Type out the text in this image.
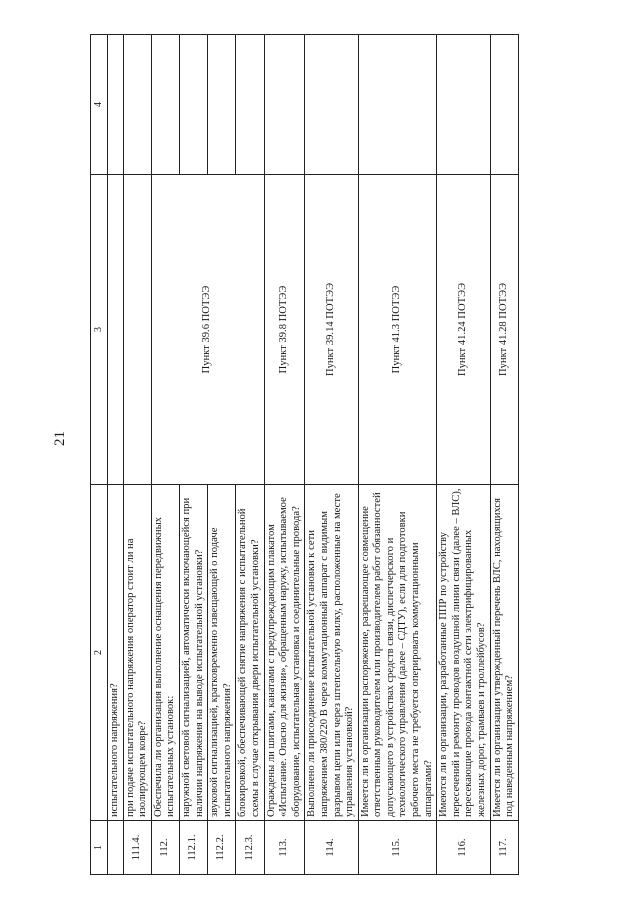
21
1	2	3	4
	испытательного напряжения?		
111.4.	при подаче испытательного напряжения оператор стоит ли на изолирующем ковре?		
112.	Обеспечила ли организация выполнение оснащения передвижных испытательных установок:	Пункт 39.6 ПОТЭЭ	
112.1.	наружной световой сигнализацией, автоматически включающейся при наличии напряжения на выводе испытательной установки?		
112.2.	звуковой сигнализацией, кратковременно извещающей о подаче испытательного напряжения?		
112.3.	блокировкой, обеспечивающей снятие напряжения с испытательной схемы в случае открывания двери испытательной установки?		
113.	Ограждены ли шитами, канатами с предупреждающим плакатом «Испытание. Опасно для жизни», обращенным наружу, испытываемое оборудование, испытательная установка и соединительные провода?	Пункт 39.8 ПОТЭЭ	
114.	Выполнено ли присоединение испытательной установки к сети напряжением 380/220 В через коммутационный аппарат с видимым разрывом цепи или через штепсельную вилку, расположенные на месте управления установкой?	Пункт 39.14 ПОТЭЭ	
115.	Имеется ли в организации распоряжение, разрешающее совмещение ответственным руководителем или производителем работ обязанностей допускающего в устройствах средств связи, диспетчерского и технологического управления (далее – СДТУ), если для подготовки рабочего места не требуется оперировать коммутационными аппаратами?	Пункт 41.3 ПОТЭЭ	
116.	Имеются ли в организации, разработанные ППР по устройству пересечений и ремонту проводов воздушной линии связи (далее – ВЛС), пересекающие провода контактной сети электрифицированных железных дорог, трамваев и троллейбусов?	Пункт 41.24 ПОТЭЭ	
117.	Имеется ли в организации утвержденный перечень ВЛС, находящихся под наведенным напряжением?	Пункт 41.28 ПОТЭЭ	
